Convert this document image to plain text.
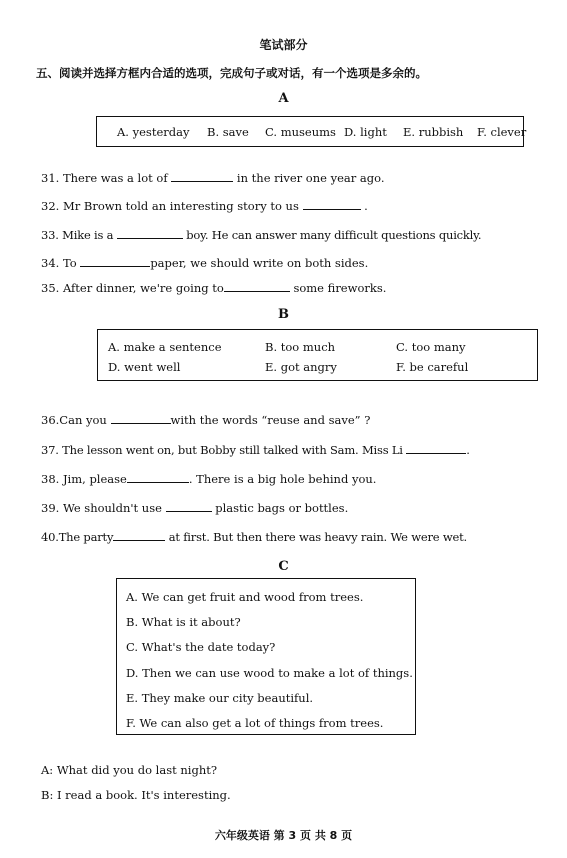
笔试部分
五、阅读并选择方框内合适的选项，完成句子或对话，有一个选项是多余的。
A
A. yesterday B. save C. museums D. light E. rubbish F. clever
31. There was a lot of	in the river one year ago.
32. Mr Brown told an interesting story to us	.
33. Mike is a	boy. He can answer many difficult questions quickly.
34. To	paper, we should write on both sides.
35. After dinner, we're going to	some fireworks.
B
A. make a sentence	B. too much	C. too many
D. went well	E. got angry	F. be careful
36.Can you	with the words “reuse and save” ?
37. The lesson went on, but Bobby still talked with Sam. Miss Li	.
38. Jim, please	. There is a big hole behind you.
39. We shouldn't use	plastic bags or bottles.
40.The party	at first. But then there was heavy rain. We were wet.
C
A. We can get fruit and wood from trees.
B. What is it about?
C. What's the date today?
D. Then we can use wood to make a lot of things.
E. They make our city beautiful.
F. We can also get a lot of things from trees.
A: What did you do last night?
B: I read a book. It's interesting.
六年级英语 第 3 页 共 8 页
